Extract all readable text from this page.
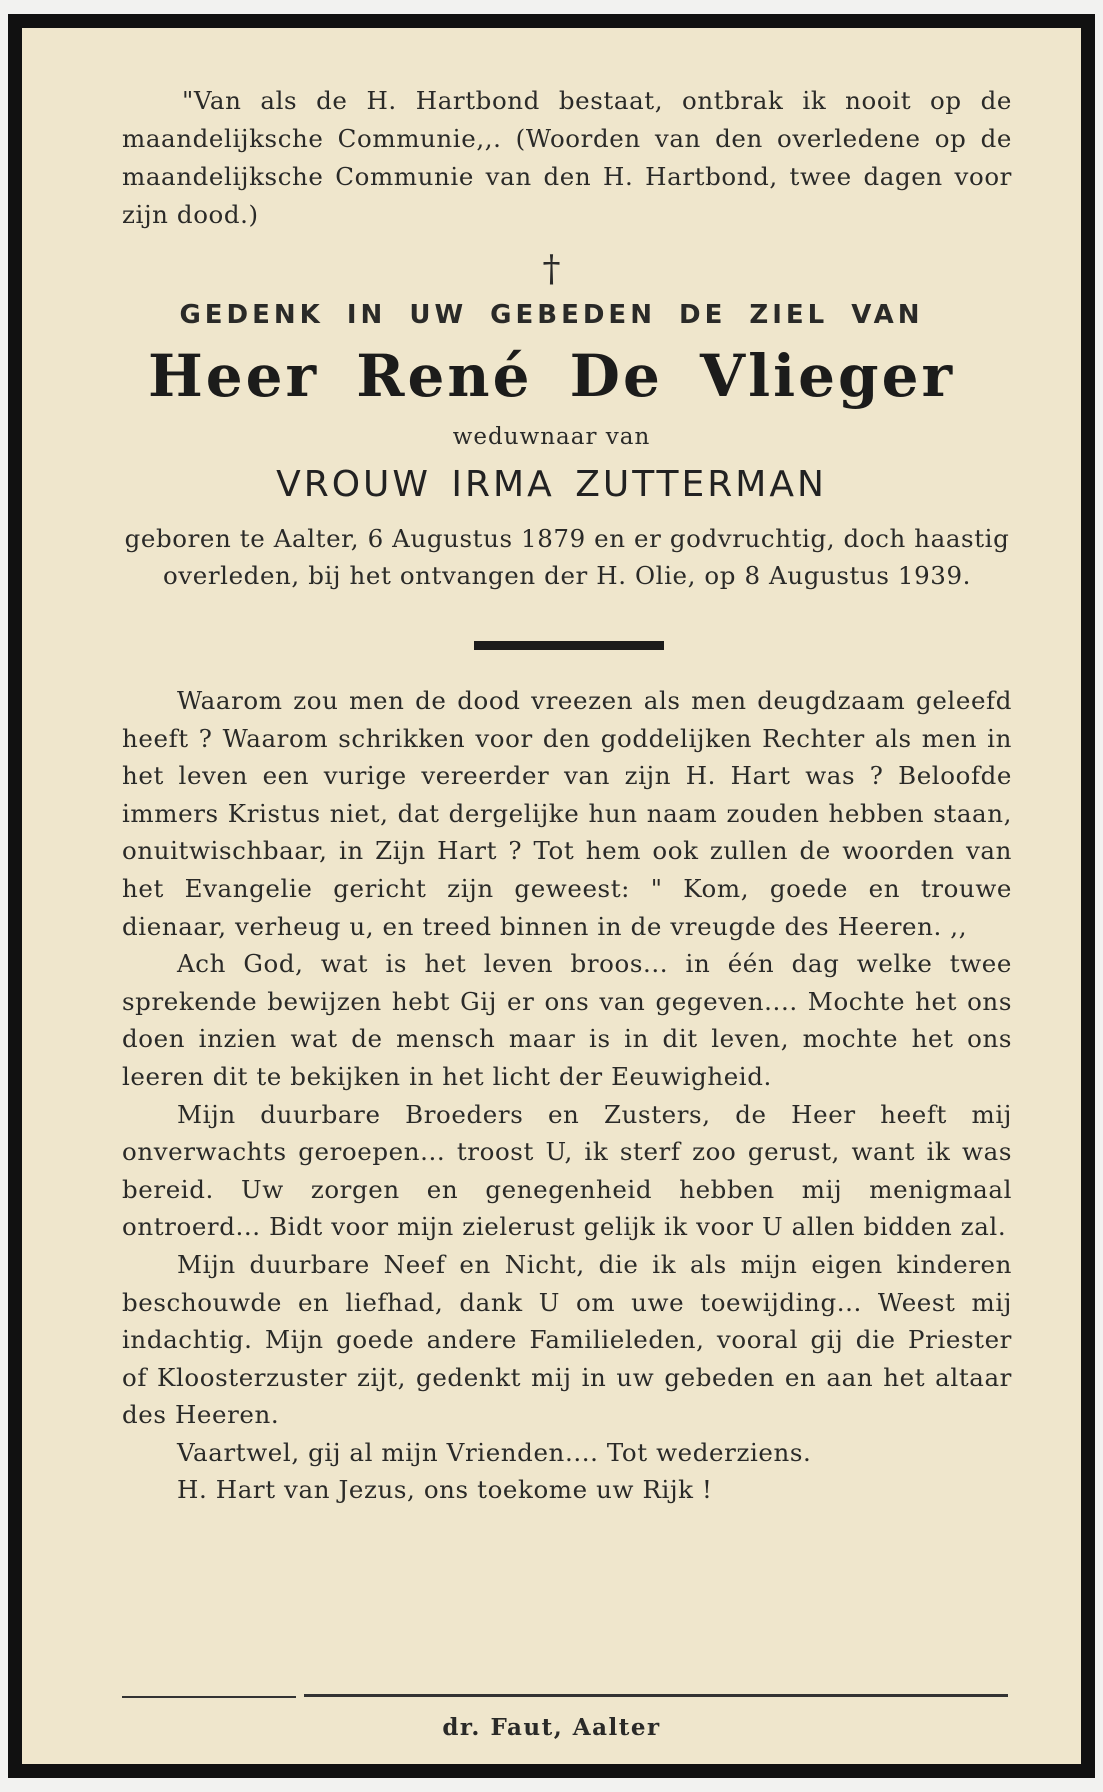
"Van als de H. Hartbond bestaat, ontbrak ik nooit op de maandelijksche Communie,,. (Woorden van den overledene op de maandelijksche Communie van den H. Hartbond, twee dagen voor zijn dood.)

†
GEDENK IN UW GEBEDEN DE ZIEL VAN
Heer René De Vlieger
weduwnaar van
VROUW IRMA ZUTTERMAN

geboren te Aalter, 6 Augustus 1879 en er godvruchtig, doch haastig overleden, bij het ontvangen der H. Olie, op 8 Augustus 1939.

Waarom zou men de dood vreezen als men deugdzaam geleefd heeft ? Waarom schrikken voor den goddelijken Rechter als men in het leven een vurige vereerder van zijn H. Hart was ? Beloofde immers Kristus niet, dat dergelijke hun naam zouden hebben staan, onuitwischbaar, in Zijn Hart ? Tot hem ook zullen de woorden van het Evangelie gericht zijn geweest: " Kom, goede en trouwe dienaar, verheug u, en treed binnen in de vreugde des Heeren. ,,

Ach God, wat is het leven broos... in één dag welke twee sprekende bewijzen hebt Gij er ons van gegeven.... Mochte het ons doen inzien wat de mensch maar is in dit leven, mochte het ons leeren dit te bekijken in het licht der Eeuwigheid.

Mijn duurbare Broeders en Zusters, de Heer heeft mij onverwachts geroepen... troost U, ik sterf zoo gerust, want ik was bereid. Uw zorgen en genegenheid hebben mij menigmaal ontroerd... Bidt voor mijn zielerust gelijk ik voor U allen bidden zal.

Mijn duurbare Neef en Nicht, die ik als mijn eigen kinderen beschouwde en liefhad, dank U om uwe toewijding... Weest mij indachtig. Mijn goede andere Familieleden, vooral gij die Priester of Kloosterzuster zijt, gedenkt mij in uw gebeden en aan het altaar des Heeren.

Vaartwel, gij al mijn Vrienden.... Tot wederziens.

H. Hart van Jezus, ons toekome uw Rijk !

dr. Faut, Aalter
